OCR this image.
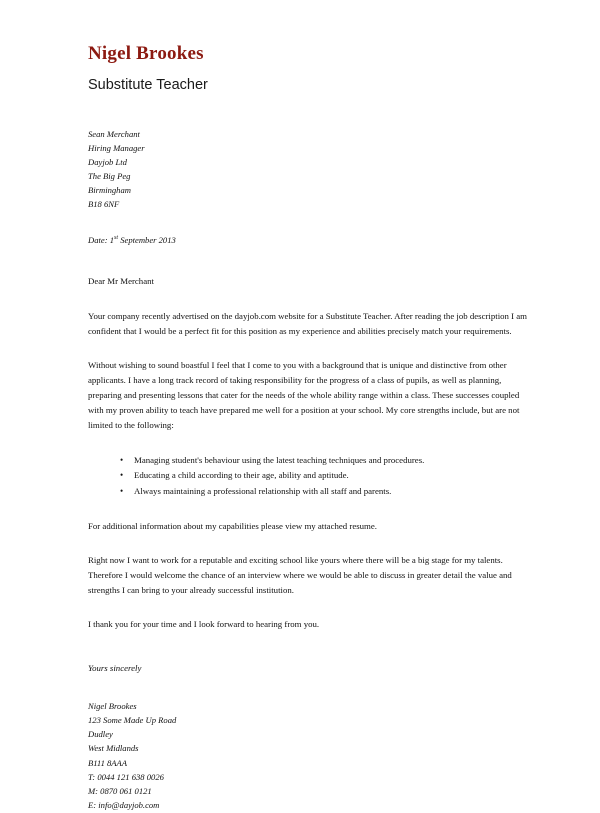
Nigel Brookes
Substitute Teacher
Sean Merchant
Hiring Manager
Dayjob Ltd
The Big Peg
Birmingham
B18 6NF
Date: 1st September 2013
Dear Mr Merchant

Your company recently advertised on the dayjob.com website for a Substitute Teacher. After reading the job description I am confident that I would be a perfect fit for this position as my experience and abilities precisely match your requirements.

Without wishing to sound boastful I feel that I come to you with a background that is unique and distinctive from other applicants. I have a long track record of taking responsibility for the progress of a class of pupils, as well as planning, preparing and presenting lessons that cater for the needs of the whole ability range within a class. These successes coupled with my proven ability to teach have prepared me well for a position at your school. My core strengths include, but are not limited to the following:

• Managing student's behaviour using the latest teaching techniques and procedures.
• Educating a child according to their age, ability and aptitude.
• Always maintaining a professional relationship with all staff and parents.

For additional information about my capabilities please view my attached resume.

Right now I want to work for a reputable and exciting school like yours where there will be a big stage for my talents. Therefore I would welcome the chance of an interview where we would be able to discuss in greater detail the value and strengths I can bring to your already successful institution.

I thank you for your time and I look forward to hearing from you.

Yours sincerely
Nigel Brookes
123 Some Made Up Road
Dudley
West Midlands
B111 8AAA
T: 0044 121 638 0026
M: 0870 061 0121
E: info@dayjob.com
